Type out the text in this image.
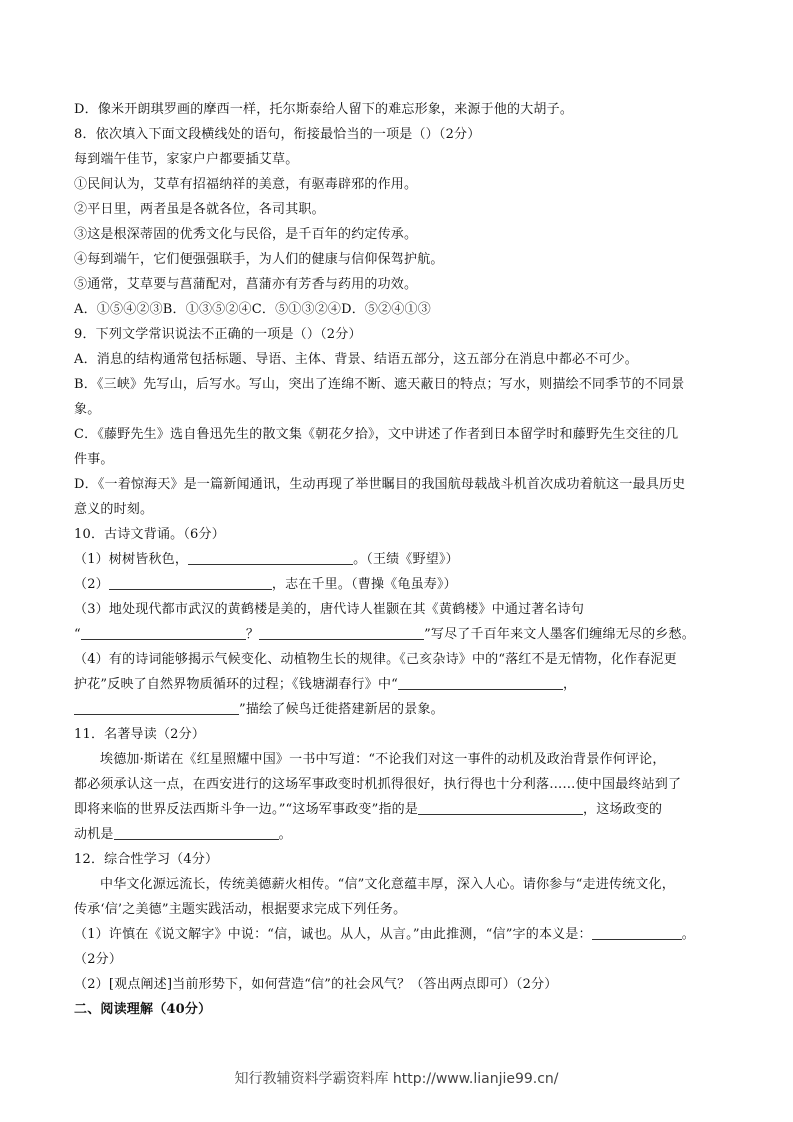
D．像米开朗琪罗画的摩西一样，托尔斯泰给人留下的难忘形象，来源于他的大胡子。
8．依次填入下面文段横线处的语句，衔接最恰当的一项是（）（2分）
每到端午佳节，家家户户都要插艾草。
①民间认为，艾草有招福纳祥的美意，有驱毒辟邪的作用。
②平日里，两者虽是各就各位，各司其职。
③这是根深蒂固的优秀文化与民俗，是千百年的约定传承。
④每到端午，它们便强强联手，为人们的健康与信仰保驾护航。
⑤通常，艾草要与菖蒲配对，菖蒲亦有芳香与药用的功效。
A．①⑤④②③B．①③⑤②④C．⑤①③②④D．⑤②④①③
9．下列文学常识说法不正确的一项是（）（2分）
A．消息的结构通常包括标题、导语、主体、背景、结语五部分，这五部分在消息中都必不可少。
B．《三峡》先写山，后写水。写山，突出了连绵不断、遮天蔽日的特点；写水，则描绘不同季节的不同景
象。
C．《藤野先生》选自鲁迅先生的散文集《朝花夕拾》，文中讲述了作者到日本留学时和藤野先生交往的几
件事。
D．《一着惊海天》是一篇新闻通讯，生动再现了举世瞩目的我国航母载战斗机首次成功着航这一最具历史
意义的时刻。
10．古诗文背诵。（6分）
（1）树树皆秋色，	。（王绩《野望》）
（2）	，志在千里。（曹操《龟虽寿》）
（3）地处现代都市武汉的黄鹤楼是美的，唐代诗人崔颢在其《黄鹤楼》中通过著名诗句
“	？	”写尽了千百年来文人墨客们缠绵无尽的乡愁。
（4）有的诗词能够揭示气候变化、动植物生长的规律。《己亥杂诗》中的“落红不是无情物，化作春泥更
护花”反映了自然界物质循环的过程；《钱塘湖春行》中“	，
”描绘了候鸟迁徙搭建新居的景象。
11．名著导读（2分）
埃德加·斯诺在《红星照耀中国》一书中写道：“不论我们对这一事件的动机及政治背景作何评论，
都必须承认这一点，在西安进行的这场军事政变时机抓得很好，执行得也十分利落……使中国最终站到了
即将来临的世界反法西斯斗争一边。”“这场军事政变”指的是	，这场政变的
动机是	。
12．综合性学习（4分）
中华文化源远流长，传统美德薪火相传。“信”文化意蕴丰厚，深入人心。请你参与“走进传统文化，
传承‘信’之美德”主题实践活动，根据要求完成下列任务。
（1）许慎在《说文解字》中说：“信，诚也。从人，从言。”由此推测，“信”字的本义是：	。
（2分）
（2）[观点阐述]当前形势下，如何营造“信”的社会风气？（答出两点即可）（2分）
二、阅读理解（40分）
知行教辅资料学霸资料库 http://www.lianjie99.cn/
